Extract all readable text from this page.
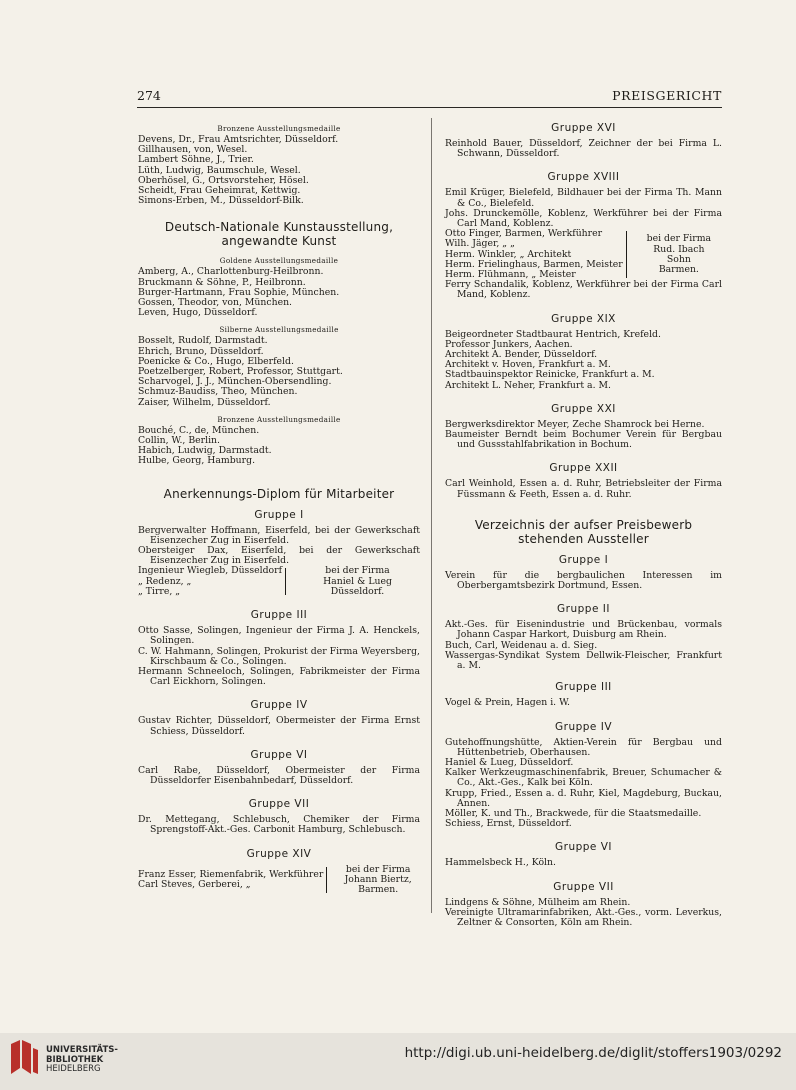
274	PREISGERICHT
Bronzene Ausstellungsmedaille
Devens, Dr., Frau Amtsrichter, Düsseldorf.
Gillhausen, von, Wesel.
Lambert Söhne, J., Trier.
Lüth, Ludwig, Baumschule, Wesel.
Oberhösel, G., Ortsvorsteher, Hösel.
Scheidt, Frau Geheimrat, Kettwig.
Simons-Erben, M., Düsseldorf-Bilk.
Deutsch-Nationale Kunstausstellung,
angewandte Kunst
Goldene Ausstellungsmedaille
Amberg, A., Charlottenburg-Heilbronn.
Bruckmann & Söhne, P., Heilbronn.
Burger-Hartmann, Frau Sophie, München.
Gossen, Theodor, von, München.
Leven, Hugo, Düsseldorf.
Silberne Ausstellungsmedaille
Bosselt, Rudolf, Darmstadt.
Ehrich, Bruno, Düsseldorf.
Poenicke & Co., Hugo, Elberfeld.
Poetzelberger, Robert, Professor, Stuttgart.
Scharvogel, J. J., München-Obersendling.
Schmuz-Baudiss, Theo, München.
Zaiser, Wilhelm, Düsseldorf.
Bronzene Ausstellungsmedaille
Bouché, C., de, München.
Collin, W., Berlin.
Habich, Ludwig, Darmstadt.
Hulbe, Georg, Hamburg.
Anerkennungs-Diplom für Mitarbeiter
Gruppe I
Bergverwalter Hoffmann, Eiserfeld, bei der Gewerkschaft Eisenzecher Zug in Eiserfeld.
Obersteiger Dax, Eiserfeld, bei der Gewerkschaft Eisenzecher Zug in Eiserfeld.
Ingenieur Wiegleb, Düsseldorf
„ Redenz, „
„ Tirre, „
bei der Firma
Haniel & Lueg
Düsseldorf.
Gruppe III
Otto Sasse, Solingen, Ingenieur der Firma J. A. Henckels, Solingen.
C. W. Hahmann, Solingen, Prokurist der Firma Weyersberg, Kirschbaum & Co., Solingen.
Hermann Schneeloch, Solingen, Fabrikmeister der Firma Carl Eickhorn, Solingen.
Gruppe IV
Gustav Richter, Düsseldorf, Obermeister der Firma Ernst Schiess, Düsseldorf.
Gruppe VI
Carl Rabe, Düsseldorf, Obermeister der Firma Düsseldorfer Eisenbahnbedarf, Düsseldorf.
Gruppe VII
Dr. Mettegang, Schlebusch, Chemiker der Firma Sprengstoff-Akt.-Ges. Carbonit Hamburg, Schlebusch.
Gruppe XIV
Franz Esser, Riemenfabrik, Werkführer
Carl Steves, Gerberei, „
bei der Firma
Johann Biertz,
Barmen.
Gruppe XVI
Reinhold Bauer, Düsseldorf, Zeichner der bei Firma L. Schwann, Düsseldorf.
Gruppe XVIII
Emil Krüger, Bielefeld, Bildhauer bei der Firma Th. Mann & Co., Bielefeld.
Johs. Drunckemölle, Koblenz, Werkführer bei der Firma Carl Mand, Koblenz.
Otto Finger, Barmen, Werkführer
Wilh. Jäger, „ „
Herm. Winkler, „ Architekt
Herm. Frielinghaus, Barmen, Meister
Herm. Flühmann, „ Meister
bei der Firma
Rud. Ibach
Sohn
Barmen.
Ferry Schandalik, Koblenz, Werkführer bei der Firma Carl Mand, Koblenz.
Gruppe XIX
Beigeordneter Stadtbaurat Hentrich, Krefeld.
Professor Junkers, Aachen.
Architekt A. Bender, Düsseldorf.
Architekt v. Hoven, Frankfurt a. M.
Stadtbauinspektor Reinicke, Frankfurt a. M.
Architekt L. Neher, Frankfurt a. M.
Gruppe XXI
Bergwerksdirektor Meyer, Zeche Shamrock bei Herne.
Baumeister Berndt beim Bochumer Verein für Bergbau und Gussstahlfabrikation in Bochum.
Gruppe XXII
Carl Weinhold, Essen a. d. Ruhr, Betriebsleiter der Firma Füssmann & Feeth, Essen a. d. Ruhr.
Verzeichnis der aufser Preisbewerb
stehenden Aussteller
Gruppe I
Verein für die bergbaulichen Interessen im Oberbergamtsbezirk Dortmund, Essen.
Gruppe II
Akt.-Ges. für Eisenindustrie und Brückenbau, vormals Johann Caspar Harkort, Duisburg am Rhein.
Buch, Carl, Weidenau a. d. Sieg.
Wassergas-Syndikat System Dellwik-Fleischer, Frankfurt a. M.
Gruppe III
Vogel & Prein, Hagen i. W.
Gruppe IV
Gutehoffnungshütte, Aktien-Verein für Bergbau und Hüttenbetrieb, Oberhausen.
Haniel & Lueg, Düsseldorf.
Kalker Werkzeugmaschinenfabrik, Breuer, Schumacher & Co., Akt.-Ges., Kalk bei Köln.
Krupp, Fried., Essen a. d. Ruhr, Kiel, Magdeburg, Buckau, Annen.
Möller, K. und Th., Brackwede, für die Staatsmedaille.
Schiess, Ernst, Düsseldorf.
Gruppe VI
Hammelsbeck H., Köln.
Gruppe VII
Lindgens & Söhne, Mülheim am Rhein.
Vereinigte Ultramarinfabriken, Akt.-Ges., vorm. Leverkus, Zeltner & Consorten, Köln am Rhein.
UNIVERSITÄTS-
BIBLIOTHEK
HEIDELBERG
http://digi.ub.uni-heidelberg.de/diglit/stoffers1903/0292
